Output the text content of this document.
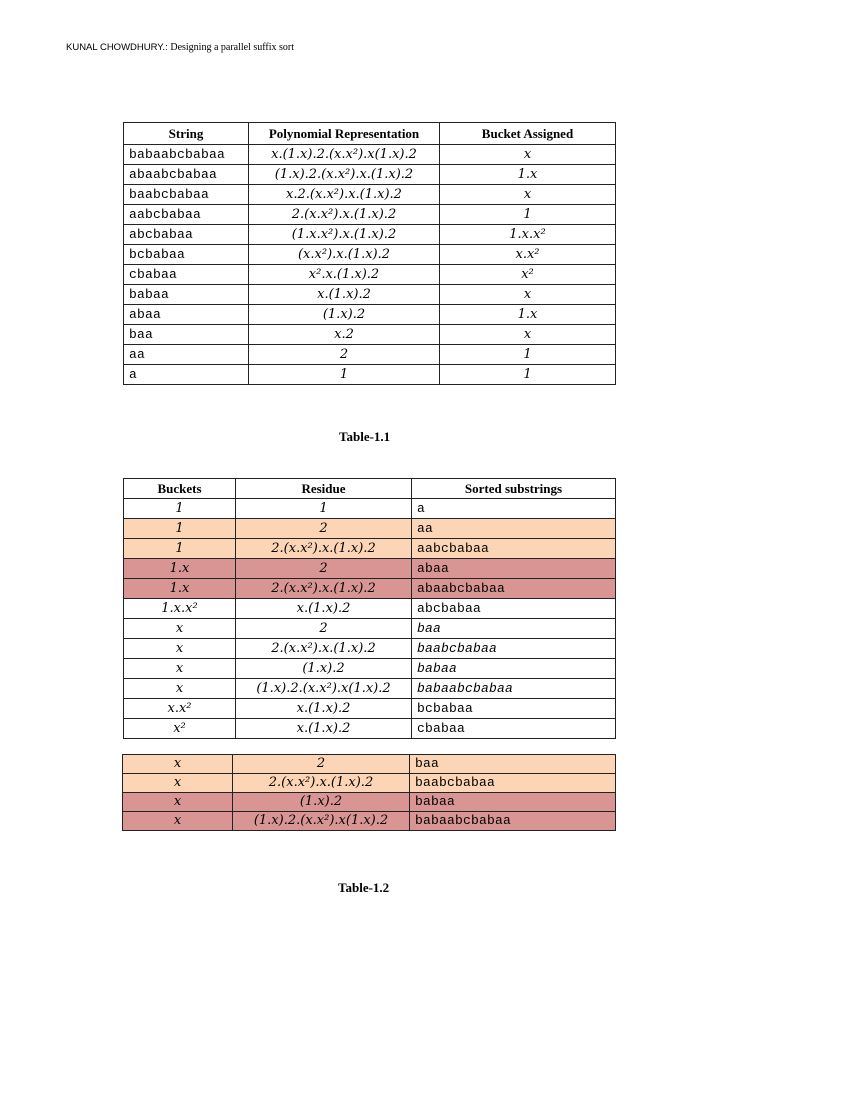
KUNAL CHOWDHURY.: Designing a parallel suffix sort
String	Polynomial Representation	Bucket Assigned
babaabcbabaa	x.(1.x).2.(x.x²).x(1.x).2	x
abaabcbabaa	(1.x).2.(x.x²).x.(1.x).2	1.x
baabcbabaa	x.2.(x.x²).x.(1.x).2	x
aabcbabaa	2.(x.x²).x.(1.x).2	1
abcbabaa	(1.x.x²).x.(1.x).2	1.x.x²
bcbabaa	(x.x²).x.(1.x).2	x.x²
cbabaa	x².x.(1.x).2	x²
babaa	x.(1.x).2	x
abaa	(1.x).2	1.x
baa	x.2	x
aa	2	1
a	1	1
Table-1.1
Buckets	Residue	Sorted substrings
1	1	a
1	2	aa
1	2.(x.x²).x.(1.x).2	aabcbabaa
1.x	2	abaa
1.x	2.(x.x²).x.(1.x).2	abaabcbabaa
1.x.x²	x.(1.x).2	abcbabaa
x	2	baa
x	2.(x.x²).x.(1.x).2	baabcbabaa
x	(1.x).2	babaa
x	(1.x).2.(x.x²).x(1.x).2	babaabcbabaa
x.x²	x.(1.x).2	bcbabaa
x²	x.(1.x).2	cbabaa
x	2	baa
x	2.(x.x²).x.(1.x).2	baabcbabaa
x	(1.x).2	babaa
x	(1.x).2.(x.x²).x(1.x).2	babaabcbabaa
Table-1.2
